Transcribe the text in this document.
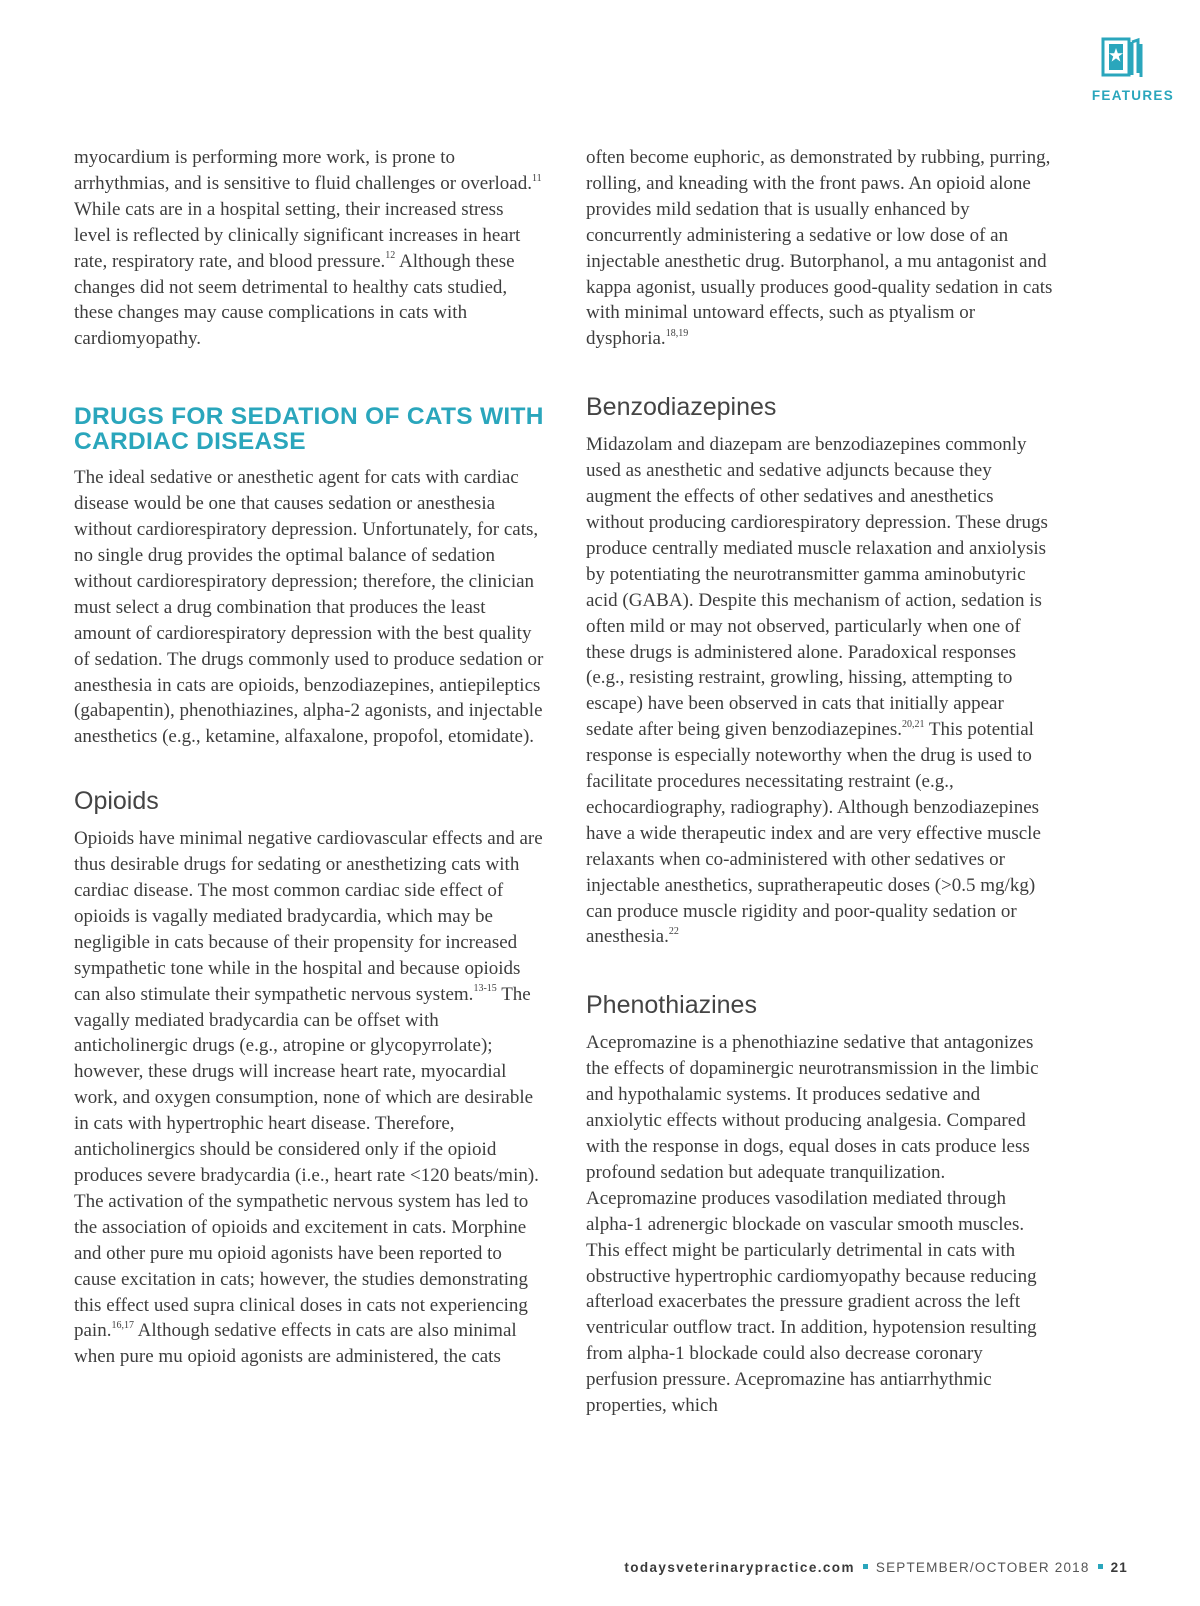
FEATURES

myocardium is performing more work, is prone to arrhythmias, and is sensitive to fluid challenges or overload.$^{11}$ While cats are in a hospital setting, their increased stress level is reflected by clinically significant increases in heart rate, respiratory rate, and blood pressure.$^{12}$ Although these changes did not seem detrimental to healthy cats studied, these changes may cause complications in cats with cardiomyopathy.

DRUGS FOR SEDATION OF CATS WITH CARDIAC DISEASE

The ideal sedative or anesthetic agent for cats with cardiac disease would be one that causes sedation or anesthesia without cardiorespiratory depression. Unfortunately, for cats, no single drug provides the optimal balance of sedation without cardiorespiratory depression; therefore, the clinician must select a drug combination that produces the least amount of cardiorespiratory depression with the best quality of sedation. The drugs commonly used to produce sedation or anesthesia in cats are opioids, benzodiazepines, antiepileptics (gabapentin), phenothiazines, alpha-2 agonists, and injectable anesthetics (e.g., ketamine, alfaxalone, propofol, etomidate).

Opioids

Opioids have minimal negative cardiovascular effects and are thus desirable drugs for sedating or anesthetizing cats with cardiac disease. The most common cardiac side effect of opioids is vagally mediated bradycardia, which may be negligible in cats because of their propensity for increased sympathetic tone while in the hospital and because opioids can also stimulate their sympathetic nervous system.$^{13-15}$ The vagally mediated bradycardia can be offset with anticholinergic drugs (e.g., atropine or glycopyrrolate); however, these drugs will increase heart rate, myocardial work, and oxygen consumption, none of which are desirable in cats with hypertrophic heart disease. Therefore, anticholinergics should be considered only if the opioid produces severe bradycardia (i.e., heart rate <120 beats/min). The activation of the sympathetic nervous system has led to the association of opioids and excitement in cats. Morphine and other pure mu opioid agonists have been reported to cause excitation in cats; however, the studies demonstrating this effect used supra clinical doses in cats not experiencing pain.$^{16,17}$ Although sedative effects in cats are also minimal when pure mu opioid agonists are administered, the cats

often become euphoric, as demonstrated by rubbing, purring, rolling, and kneading with the front paws. An opioid alone provides mild sedation that is usually enhanced by concurrently administering a sedative or low dose of an injectable anesthetic drug. Butorphanol, a mu antagonist and kappa agonist, usually produces good-quality sedation in cats with minimal untoward effects, such as ptyalism or dysphoria.$^{18,19}$

Benzodiazepines

Midazolam and diazepam are benzodiazepines commonly used as anesthetic and sedative adjuncts because they augment the effects of other sedatives and anesthetics without producing cardiorespiratory depression. These drugs produce centrally mediated muscle relaxation and anxiolysis by potentiating the neurotransmitter gamma aminobutyric acid (GABA). Despite this mechanism of action, sedation is often mild or may not observed, particularly when one of these drugs is administered alone. Paradoxical responses (e.g., resisting restraint, growling, hissing, attempting to escape) have been observed in cats that initially appear sedate after being given benzodiazepines.$^{20,21}$ This potential response is especially noteworthy when the drug is used to facilitate procedures necessitating restraint (e.g., echocardiography, radiography). Although benzodiazepines have a wide therapeutic index and are very effective muscle relaxants when co-administered with other sedatives or injectable anesthetics, supratherapeutic doses (>0.5 mg/kg) can produce muscle rigidity and poor-quality sedation or anesthesia.$^{22}$

Phenothiazines

Acepromazine is a phenothiazine sedative that antagonizes the effects of dopaminergic neurotransmission in the limbic and hypothalamic systems. It produces sedative and anxiolytic effects without producing analgesia. Compared with the response in dogs, equal doses in cats produce less profound sedation but adequate tranquilization. Acepromazine produces vasodilation mediated through alpha-1 adrenergic blockade on vascular smooth muscles. This effect might be particularly detrimental in cats with obstructive hypertrophic cardiomyopathy because reducing afterload exacerbates the pressure gradient across the left ventricular outflow tract. In addition, hypotension resulting from alpha-1 blockade could also decrease coronary perfusion pressure. Acepromazine has antiarrhythmic properties, which

todaysveterinarypractice.com SEPTEMBER/OCTOBER 2018 21
